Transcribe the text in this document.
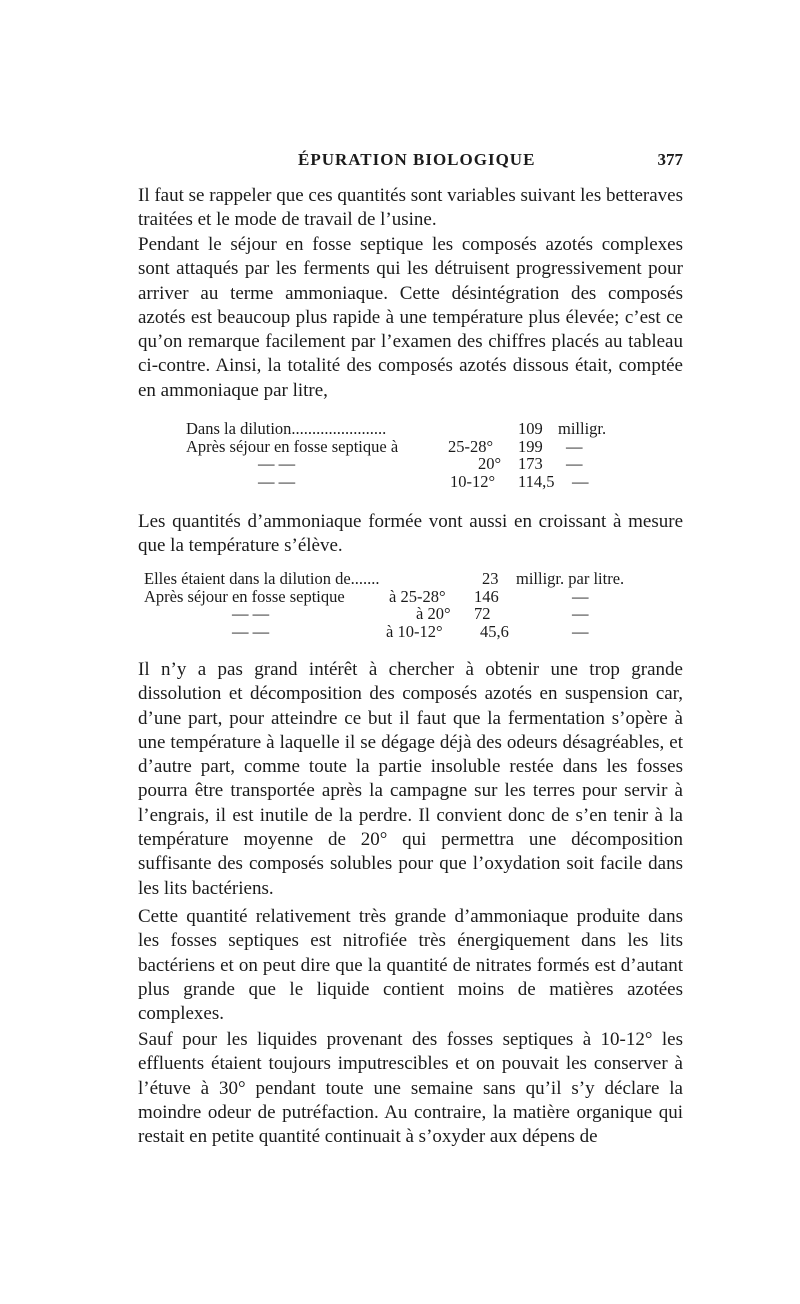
ÉPURATION BIOLOGIQUE	377

Il faut se rappeler que ces quantités sont variables suivant les betteraves traitées et le mode de travail de l’usine.

Pendant le séjour en fosse septique les composés azotés complexes sont attaqués par les ferments qui les détruisent progressivement pour arriver au terme ammoniaque. Cette désintégration des composés azotés est beaucoup plus rapide à une température plus élevée; c’est ce qu’on remarque facilement par l’examen des chiffres placés au tableau ci-contre. Ainsi, la totalité des composés azotés dissous était, comptée en ammoniaque par litre,

Dans la dilution.......................	109 milligr.
Après séjour en fosse septique à	25-28° 199 —
— —	20° 173 —
— —	10-12° 114,5 —

Les quantités d’ammoniaque formée vont aussi en croissant à mesure que la température s’élève.

Elles étaient dans la dilution de.......	23 milligr. par litre.
Après séjour en fosse septique	à 25-28° 146	—
— —	à 20° 72	—
— —	à 10-12° 45,6	—

Il n’y a pas grand intérêt à chercher à obtenir une trop grande dissolution et décomposition des composés azotés en suspension car, d’une part, pour atteindre ce but il faut que la fermentation s’opère à une température à laquelle il se dégage déjà des odeurs désagréables, et d’autre part, comme toute la partie insoluble restée dans les fosses pourra être transportée après la campagne sur les terres pour servir à l’engrais, il est inutile de la perdre. Il convient donc de s’en tenir à la température moyenne de 20° qui permettra une décomposition suffisante des composés solubles pour que l’oxydation soit facile dans les lits bactériens.

Cette quantité relativement très grande d’ammoniaque produite dans les fosses septiques est nitrofiée très énergiquement dans les lits bactériens et on peut dire que la quantité de nitrates formés est d’autant plus grande que le liquide contient moins de matières azotées complexes.

Sauf pour les liquides provenant des fosses septiques à 10-12° les effluents étaient toujours imputrescibles et on pouvait les conserver à l’étuve à 30° pendant toute une semaine sans qu’il s’y déclare la moindre odeur de putréfaction. Au contraire, la matière organique qui restait en petite quantité continuait à s’oxyder aux dépens de
